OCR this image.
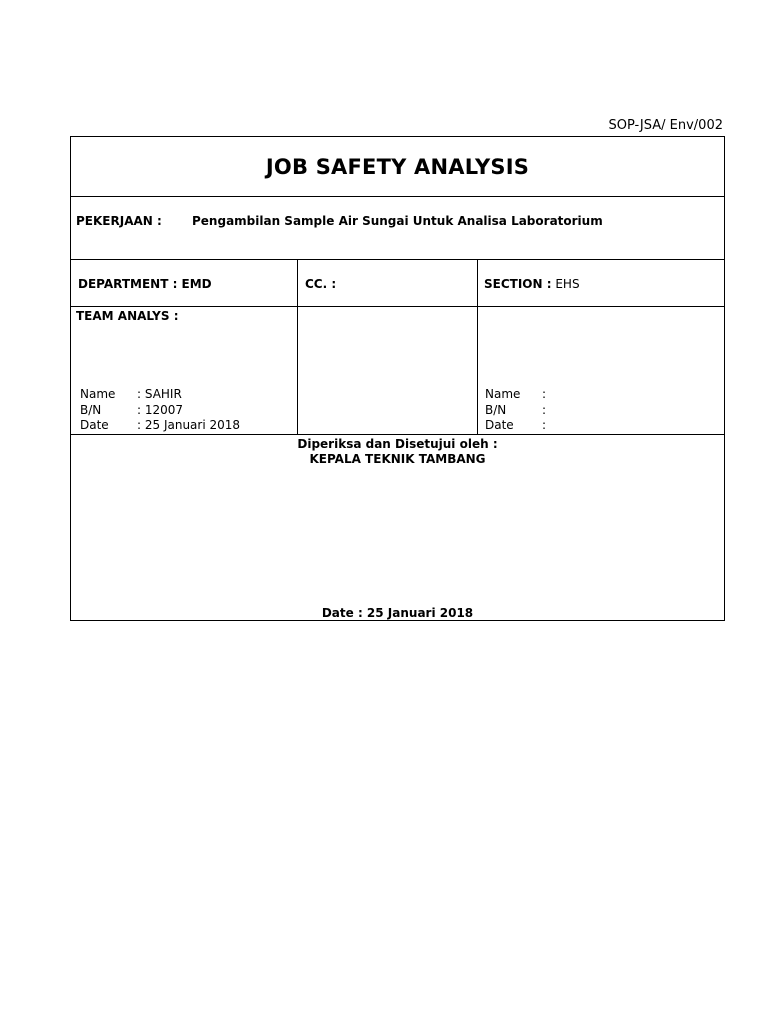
SOP-JSA/ Env/002
JOB SAFETY ANALYSIS
PEKERJAAN :	Pengambilan Sample Air Sungai Untuk Analisa Laboratorium
DEPARTMENT : EMD	CC. :	SECTION : EHS
TEAM ANALYS :
Name	: SAHIR
B/N	: 12007
Date	: 25 Januari 2018
Name	:
B/N	:
Date	:
Diperiksa dan Disetujui oleh :
KEPALA TEKNIK TAMBANG
Date : 25 Januari 2018
